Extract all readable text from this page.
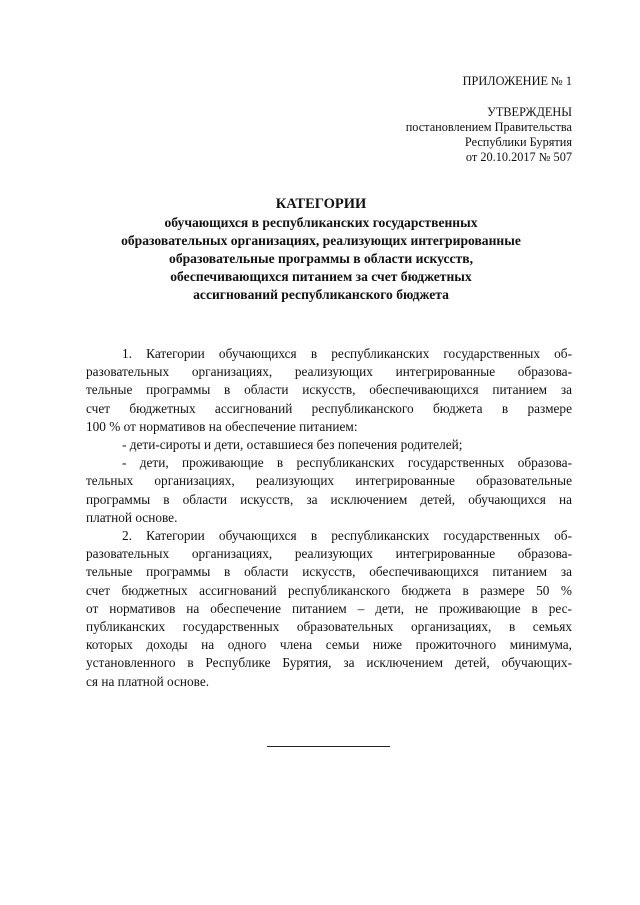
ПРИЛОЖЕНИЕ № 1
УТВЕРЖДЕНЫ
постановлением Правительства
Республики Бурятия
от 20.10.2017 № 507
КАТЕГОРИИ
обучающихся в республиканских государственных
образовательных организациях, реализующих интегрированные
образовательные программы в области искусств,
обеспечивающихся питанием за счет бюджетных
ассигнований республиканского бюджета
1. Категории обучающихся в республиканских государственных об-
разовательных организациях, реализующих интегрированные образова-
тельные программы в области искусств, обеспечивающихся питанием за
счет бюджетных ассигнований республиканского бюджета в размере
100 % от нормативов на обеспечение питанием:
- дети-сироты и дети, оставшиеся без попечения родителей;
- дети, проживающие в республиканских государственных образова-
тельных организациях, реализующих интегрированные образовательные
программы в области искусств, за исключением детей, обучающихся на
платной основе.
2. Категории обучающихся в республиканских государственных об-
разовательных организациях, реализующих интегрированные образова-
тельные программы в области искусств, обеспечивающихся питанием за
счет бюджетных ассигнований республиканского бюджета в размере 50 %
от нормативов на обеспечение питанием – дети, не проживающие в рес-
публиканских государственных образовательных организациях, в семьях
которых доходы на одного члена семьи ниже прожиточного минимума,
установленного в Республике Бурятия, за исключением детей, обучающих-
ся на платной основе.
